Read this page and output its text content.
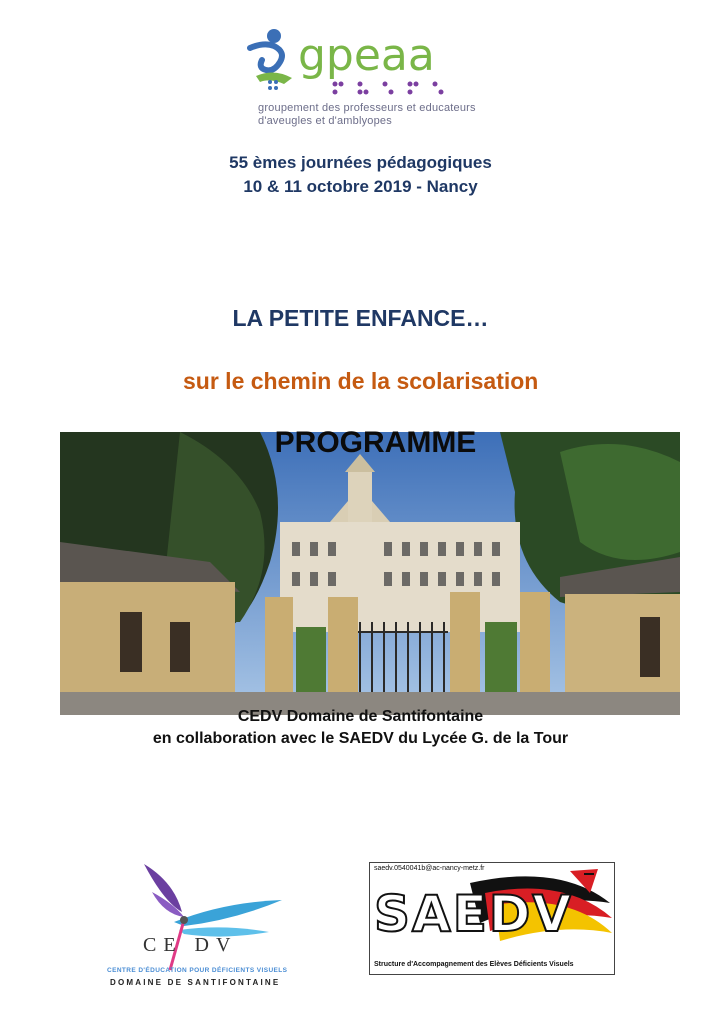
gpeaa
groupement des professeurs et educateurs
d'aveugles et d'amblyopes
55 èmes journées pédagogiques
10 & 11 octobre 2019 - Nancy
LA PETITE ENFANCE…
sur le chemin de la scolarisation
PROGRAMME
CEDV Domaine de Santifontaine
en collaboration avec le SAEDV du Lycée G. de la Tour
CE DV
CENTRE D'ÉDUCATION POUR DÉFICIENTS VISUELS
DOMAINE DE SANTIFONTAINE
saedv.0540041b@ac-nancy-metz.fr
SAEDV
Structure d'Accompagnement des Elèves Déficients Visuels
